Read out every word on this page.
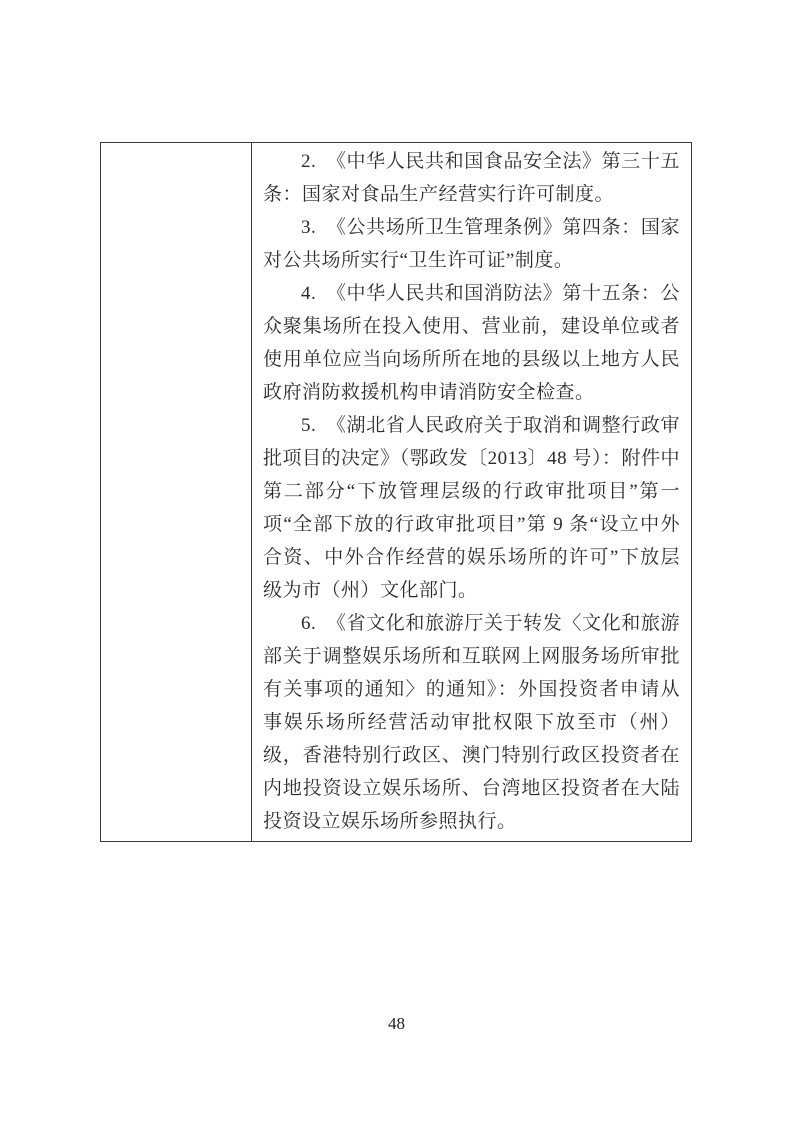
2. 《中华人民共和国食品安全法》第三十五条：国家对食品生产经营实行许可制度。

3. 《公共场所卫生管理条例》第四条：国家对公共场所实行“卫生许可证”制度。

4. 《中华人民共和国消防法》第十五条：公众聚集场所在投入使用、营业前，建设单位或者使用单位应当向场所所在地的县级以上地方人民政府消防救援机构申请消防安全检查。

5. 《湖北省人民政府关于取消和调整行政审批项目的决定》（鄂政发〔2013〕48 号）：附件中第二部分“下放管理层级的行政审批项目”第一项“全部下放的行政审批项目”第 9 条“设立中外合资、中外合作经营的娱乐场所的许可”下放层级为市（州）文化部门。

6. 《省文化和旅游厅关于转发〈文化和旅游部关于调整娱乐场所和互联网上网服务场所审批有关事项的通知〉的通知》：外国投资者申请从事娱乐场所经营活动审批权限下放至市（州）级，香港特别行政区、澳门特别行政区投资者在内地投资设立娱乐场所、台湾地区投资者在大陆投资设立娱乐场所参照执行。

48
